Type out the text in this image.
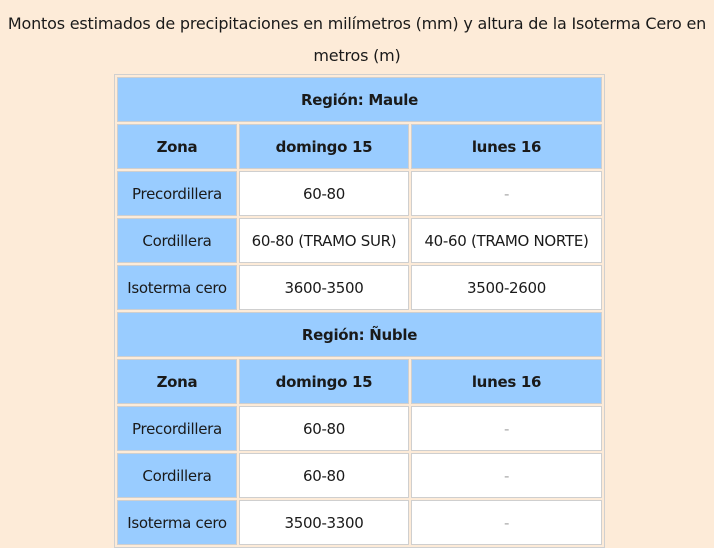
Montos estimados de precipitaciones en milímetros (mm) y altura de la Isoterma Cero en metros (m)
Región: Maule		
Zona	domingo 15	lunes 16
Precordillera	60-80	-
Cordillera	60-80 (TRAMO SUR)	40-60 (TRAMO NORTE)
Isoterma cero	3600-3500	3500-2600
Región: Ñuble		
Zona	domingo 15	lunes 16
Precordillera	60-80	-
Cordillera	60-80	-
Isoterma cero	3500-3300	-
